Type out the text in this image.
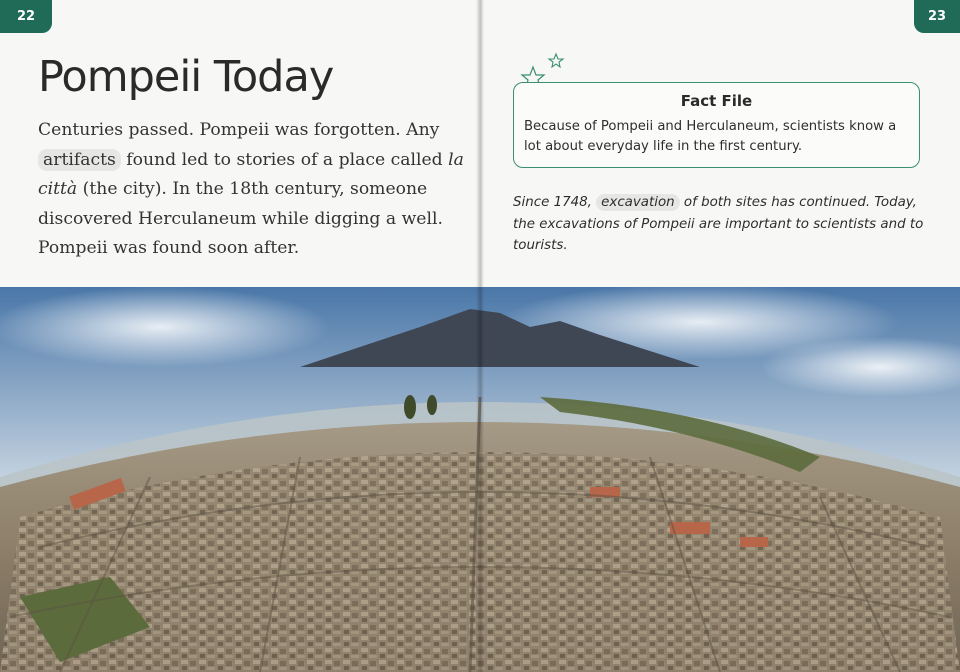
22
Pompeii Today
Centuries passed. Pompeii was forgotten. Any artifacts found led to stories of a place called la città (the city). In the 18th century, someone discovered Herculaneum while digging a well. Pompeii was found soon after.
23
Fact File
Because of Pompeii and Herculaneum, scientists know a lot about everyday life in the first century.
Since 1748, excavation of both sites has continued. Today, the excavations of Pompeii are important to scientists and to tourists.
